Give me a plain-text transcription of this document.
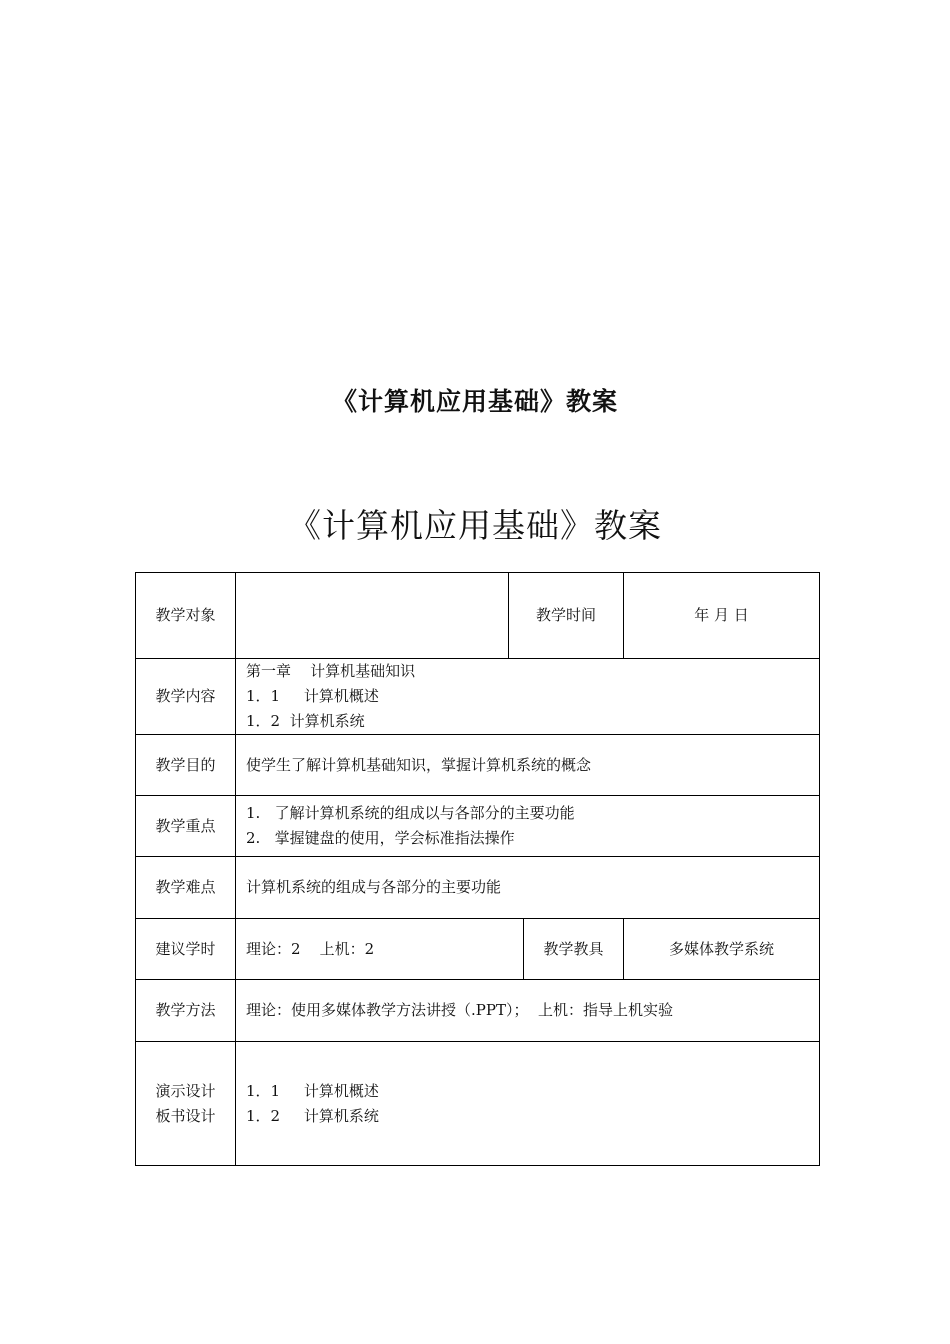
《计算机应用基础》教案
《计算机应用基础》教案
教学对象		教学时间		年 月 日
教学内容	第一章    计算机基础知识
1．1     计算机概述
1．2  计算机系统			

教学目的	使学生了解计算机基础知识，掌握计算机系统的概念			
教学重点	1.   了解计算机系统的组成以与各部分的主要功能
2.   掌握键盘的使用，学会标准指法操作			

教学难点	计算机系统的组成与各部分的主要功能			
建议学时	理论：2    上机：2		教学教具	多媒体教学系统
教学方法	理论：使用多媒体教学方法讲授（.PPT）；  上机：指导上机实验			

演示设计
板书设计	1．1     计算机概述
1．2     计算机系统			
